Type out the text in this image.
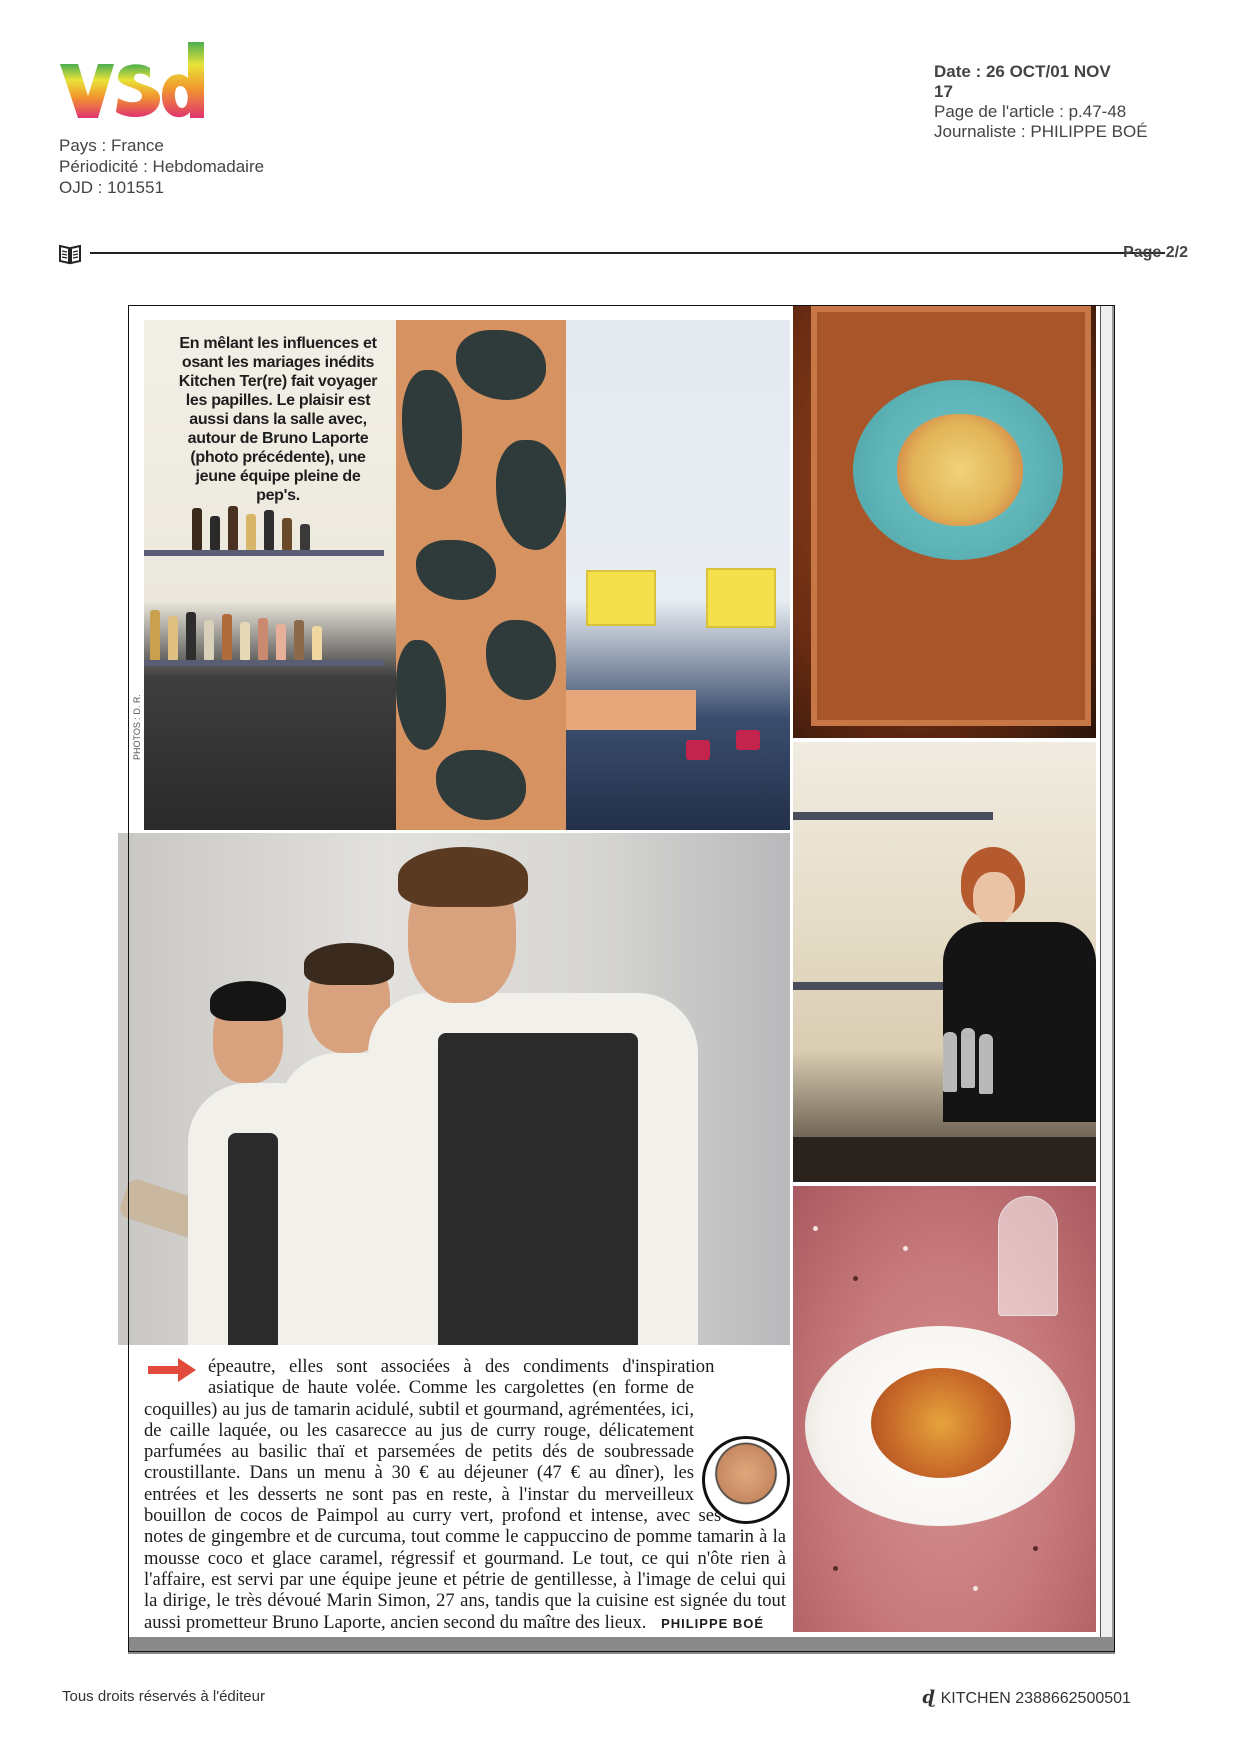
Pays : France
Périodicité : Hebdomadaire
OJD : 101551
Date : 26 OCT/01 NOV
17
Page de l'article : p.47-48
Journaliste : PHILIPPE BOÉ
Page 2/2
En mêlant les influences et osant les mariages inédits Kitchen Ter(re) fait voyager les papilles. Le plaisir est aussi dans la salle avec, autour de Bruno Laporte (photo précédente), une jeune équipe pleine de pep's.
PHOTOS : D. R.
épeautre, elles sont associées à des condiments d'inspiration asiatique de haute volée. Comme les cargolettes (en forme de coquilles) au jus de tamarin acidulé, subtil et gourmand, agrémentées, ici, de caille laquée, ou les casarecce au jus de curry rouge, délicatement parfumées au basilic thaï et parsemées de petits dés de soubressade croustillante. Dans un menu à 30 € au déjeuner (47 € au dîner), les entrées et les desserts ne sont pas en reste, à l'instar du merveilleux bouillon de cocos de Paimpol au curry vert, profond et intense, avec ses notes de gingembre et de curcuma, tout comme le cappuccino de pomme tamarin à la mousse coco et glace caramel, régressif et gourmand. Le tout, ce qui n'ôte rien à l'affaire, est servi par une équipe jeune et pétrie de gentillesse, à l'image de celui qui la dirige, le très dévoué Marin Simon, 27 ans, tandis que la cuisine est signée du tout aussi prometteur Bruno Laporte, ancien second du maître des lieux. PHILIPPE BOÉ
Tous droits réservés à l'éditeur	ɖ KITCHEN 2388662500501
